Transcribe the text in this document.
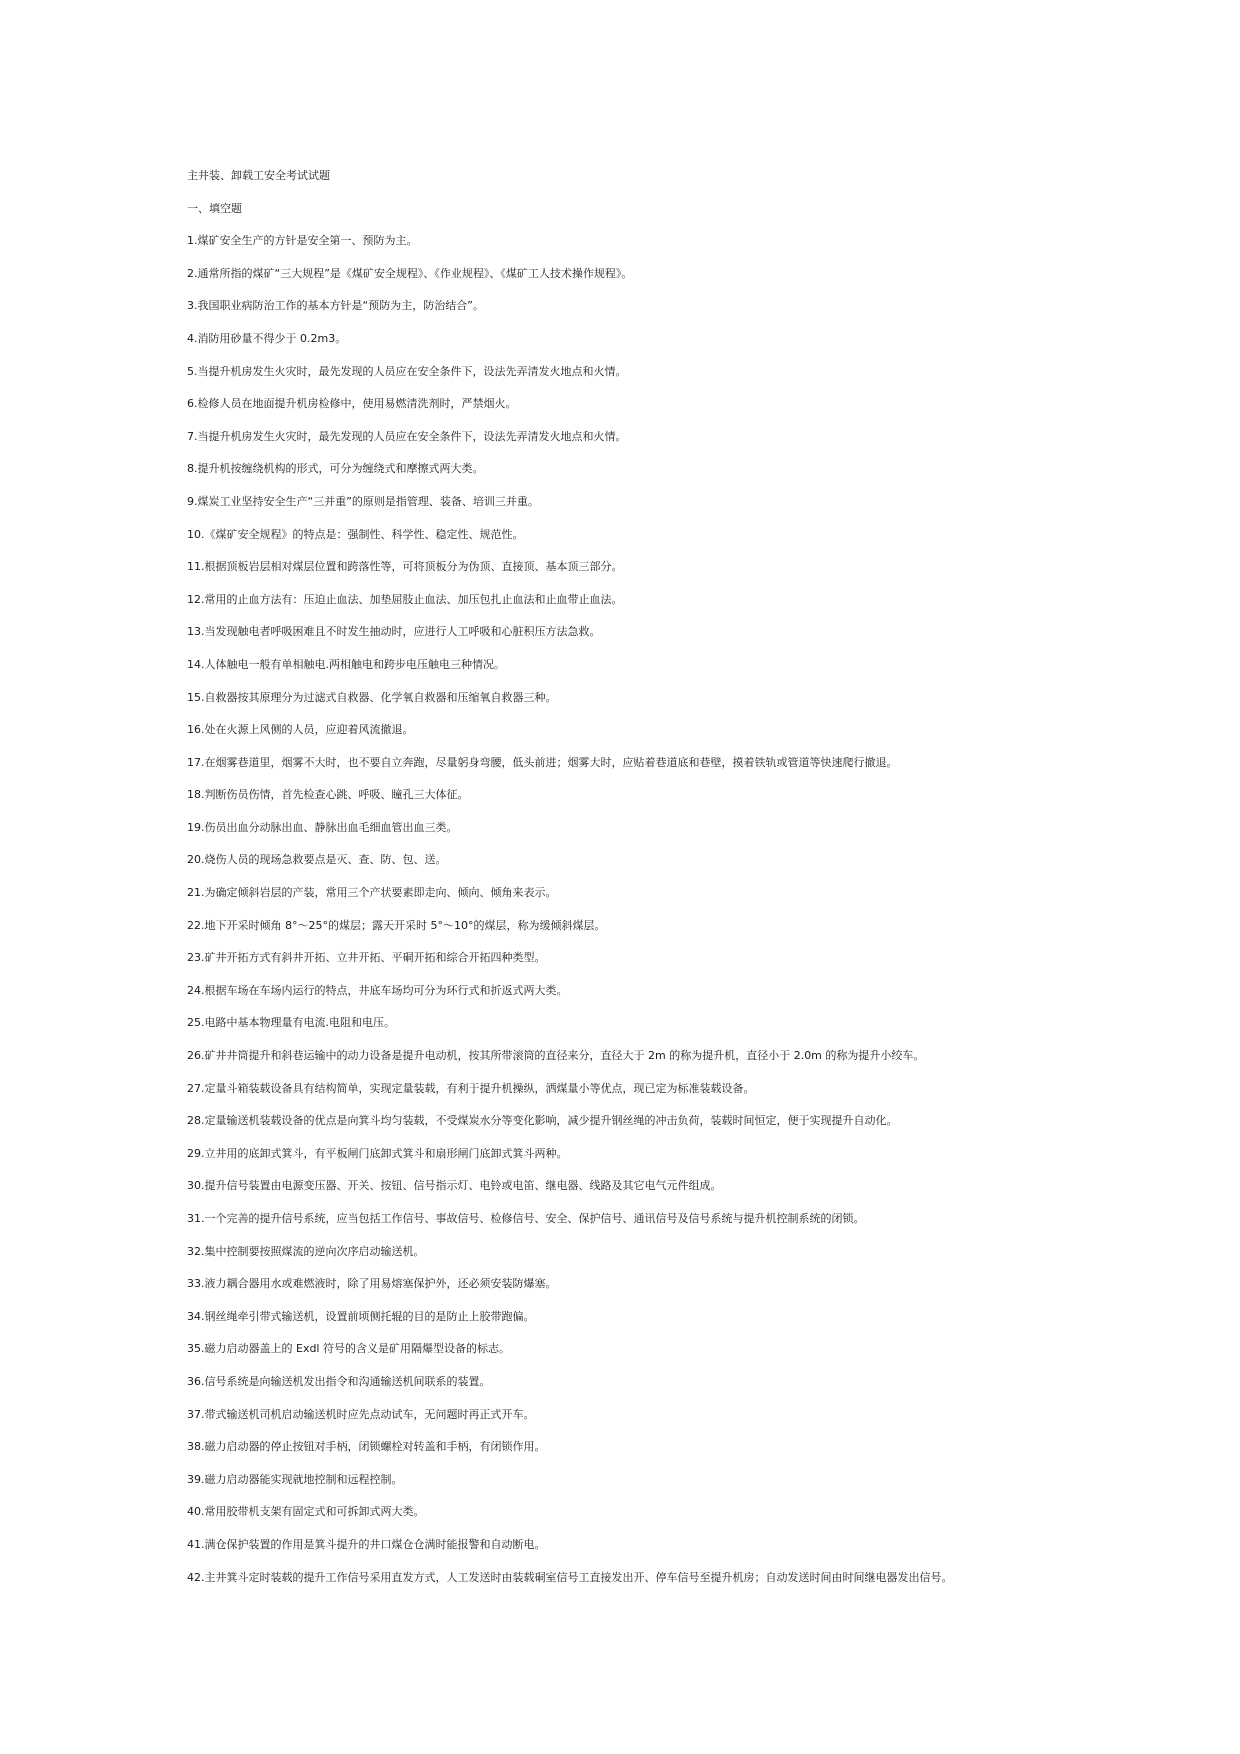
主井装、卸载工安全考试试题
一、填空题
1.煤矿安全生产的方针是安全第一、预防为主。
2.通常所指的煤矿“三大规程”是《煤矿安全规程》、《作业规程》、《煤矿工人技术操作规程》。
3.我国职业病防治工作的基本方针是“预防为主，防治结合”。
4.消防用砂量不得少于 0.2m3。
5.当提升机房发生火灾时，最先发现的人员应在安全条件下，设法先弄清发火地点和火情。
6.检修人员在地面提升机房检修中，使用易燃清洗剂时，严禁烟火。
7.当提升机房发生火灾时，最先发现的人员应在安全条件下，设法先弄清发火地点和火情。
8.提升机按缠绕机构的形式，可分为缠绕式和摩擦式两大类。
9.煤炭工业坚持安全生产“三并重”的原则是指管理、装备、培训三并重。
10.《煤矿安全规程》的特点是：强制性、科学性、稳定性、规范性。
11.根据顶板岩层相对煤层位置和跨落性等，可将顶板分为伪顶、直接顶、基本顶三部分。
12.常用的止血方法有：压迫止血法、加垫屈肢止血法、加压包扎止血法和止血带止血法。
13.当发现触电者呼吸困难且不时发生抽动时，应进行人工呼吸和心脏积压方法急救。
14.人体触电一般有单相触电.两相触电和跨步电压触电三种情况。
15.自救器按其原理分为过滤式自救器、化学氧自救器和压缩氧自救器三种。
16.处在火源上风侧的人员，应迎着风流撤退。
17.在烟雾巷道里，烟雾不大时，也不要自立奔跑，尽量躬身弯腰，低头前进；烟雾大时，应贴着巷道底和巷壁，摸着铁轨或管道等快速爬行撤退。
18.判断伤员伤情，首先检查心跳、呼吸、瞳孔三大体征。
19.伤员出血分动脉出血、静脉出血毛细血管出血三类。
20.烧伤人员的现场急救要点是灭、查、防、包、送。
21.为确定倾斜岩层的产装，常用三个产状要素即走向、倾向、倾角来表示。
22.地下开采时倾角 8°～25°的煤层；露天开采时 5°～10°的煤层，称为缓倾斜煤层。
23.矿井开拓方式有斜井开拓、立井开拓、平硐开拓和综合开拓四种类型。
24.根据车场在车场内运行的特点，井底车场均可分为环行式和折返式两大类。
25.电路中基本物理量有电流.电阻和电压。
26.矿井井筒提升和斜巷运输中的动力设备是提升电动机，按其所带滚筒的直径来分，直径大于 2m 的称为提升机，直径小于 2.0m 的称为提升小绞车。
27.定量斗箱装载设备具有结构简单，实现定量装载，有利于提升机操纵，洒煤量小等优点，现已定为标准装载设备。
28.定量输送机装载设备的优点是向箕斗均匀装载，不受煤炭水分等变化影响，减少提升钢丝绳的冲击负荷，装载时间恒定，便于实现提升自动化。
29.立井用的底卸式箕斗，有平板闸门底卸式箕斗和扇形闸门底卸式箕斗两种。
30.提升信号装置由电源变压器、开关、按钮、信号指示灯、电铃或电笛、继电器、线路及其它电气元件组成。
31.一个完善的提升信号系统，应当包括工作信号、事故信号、检修信号、安全、保护信号、通讯信号及信号系统与提升机控制系统的闭锁。
32.集中控制要按照煤流的逆向次序启动输送机。
33.液力耦合器用水或难燃液时，除了用易熔塞保护外，还必须安装防爆塞。
34.钢丝绳牵引带式输送机，设置前顷侧托辊的目的是防止上胶带跑偏。
35.磁力启动器盖上的 Exdl 符号的含义是矿用隔爆型设备的标志。
36.信号系统是向输送机发出指令和沟通输送机间联系的装置。
37.带式输送机司机启动输送机时应先点动试车，无问题时再正式开车。
38.磁力启动器的停止按钮对手柄，闭锁螺栓对转盖和手柄，有闭锁作用。
39.磁力启动器能实现就地控制和远程控制。
40.常用胶带机支架有固定式和可拆卸式两大类。
41.满仓保护装置的作用是箕斗提升的井口煤仓仓满时能报警和自动断电。
42.主井箕斗定时装载的提升工作信号采用直发方式，人工发送时由装载硐室信号工直接发出开、停车信号至提升机房；自动发送时间由时间继电器发出信号。
